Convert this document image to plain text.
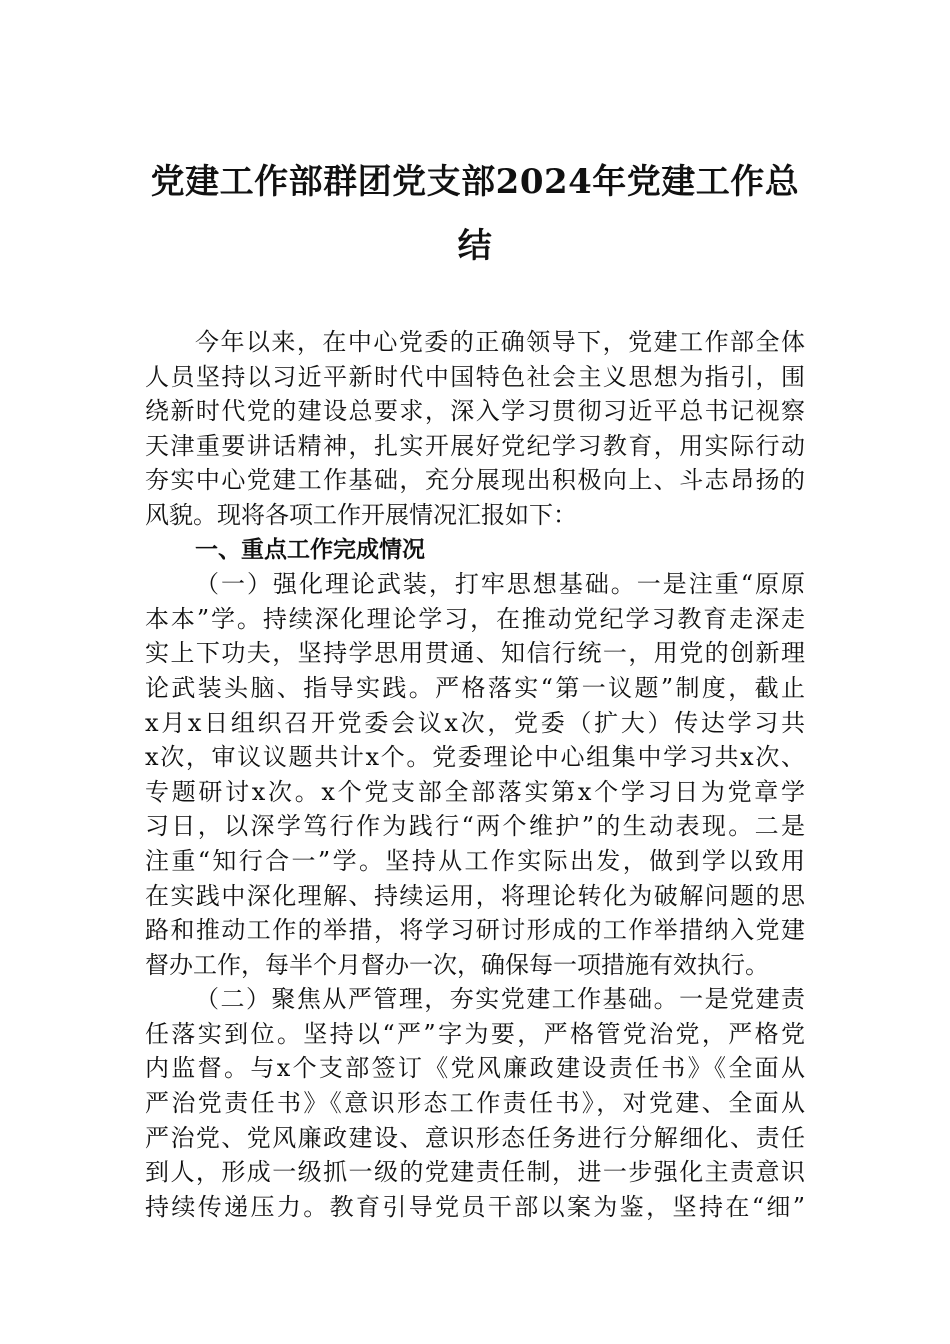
党建工作部群团党支部2024年党建工作总
结
今年以来，在中心党委的正确领导下，党建工作部全体
人员坚持以习近平新时代中国特色社会主义思想为指引，围
绕新时代党的建设总要求，深入学习贯彻习近平总书记视察
天津重要讲话精神，扎实开展好党纪学习教育，用实际行动
夯实中心党建工作基础，充分展现出积极向上、斗志昂扬的
风貌。现将各项工作开展情况汇报如下：
一、重点工作完成情况
（一）强化理论武装，打牢思想基础。一是注重“原原
本本”学。持续深化理论学习，在推动党纪学习教育走深走
实上下功夫，坚持学思用贯通、知信行统一，用党的创新理
论武装头脑、指导实践。严格落实“第一议题”制度，截止
x月x日组织召开党委会议x次，党委（扩大）传达学习共
x次，审议议题共计x个。党委理论中心组集中学习共x次、
专题研讨x次。x个党支部全部落实第x个学习日为党章学
习日，以深学笃行作为践行“两个维护”的生动表现。二是
注重“知行合一”学。坚持从工作实际出发，做到学以致用
在实践中深化理解、持续运用，将理论转化为破解问题的思
路和推动工作的举措，将学习研讨形成的工作举措纳入党建
督办工作，每半个月督办一次，确保每一项措施有效执行。
（二）聚焦从严管理，夯实党建工作基础。一是党建责
任落实到位。坚持以“严”字为要，严格管党治党，严格党
内监督。与x个支部签订《党风廉政建设责任书》《全面从
严治党责任书》《意识形态工作责任书》，对党建、全面从
严治党、党风廉政建设、意识形态任务进行分解细化、责任
到人，形成一级抓一级的党建责任制，进一步强化主责意识
持续传递压力。教育引导党员干部以案为鉴，坚持在“细”
